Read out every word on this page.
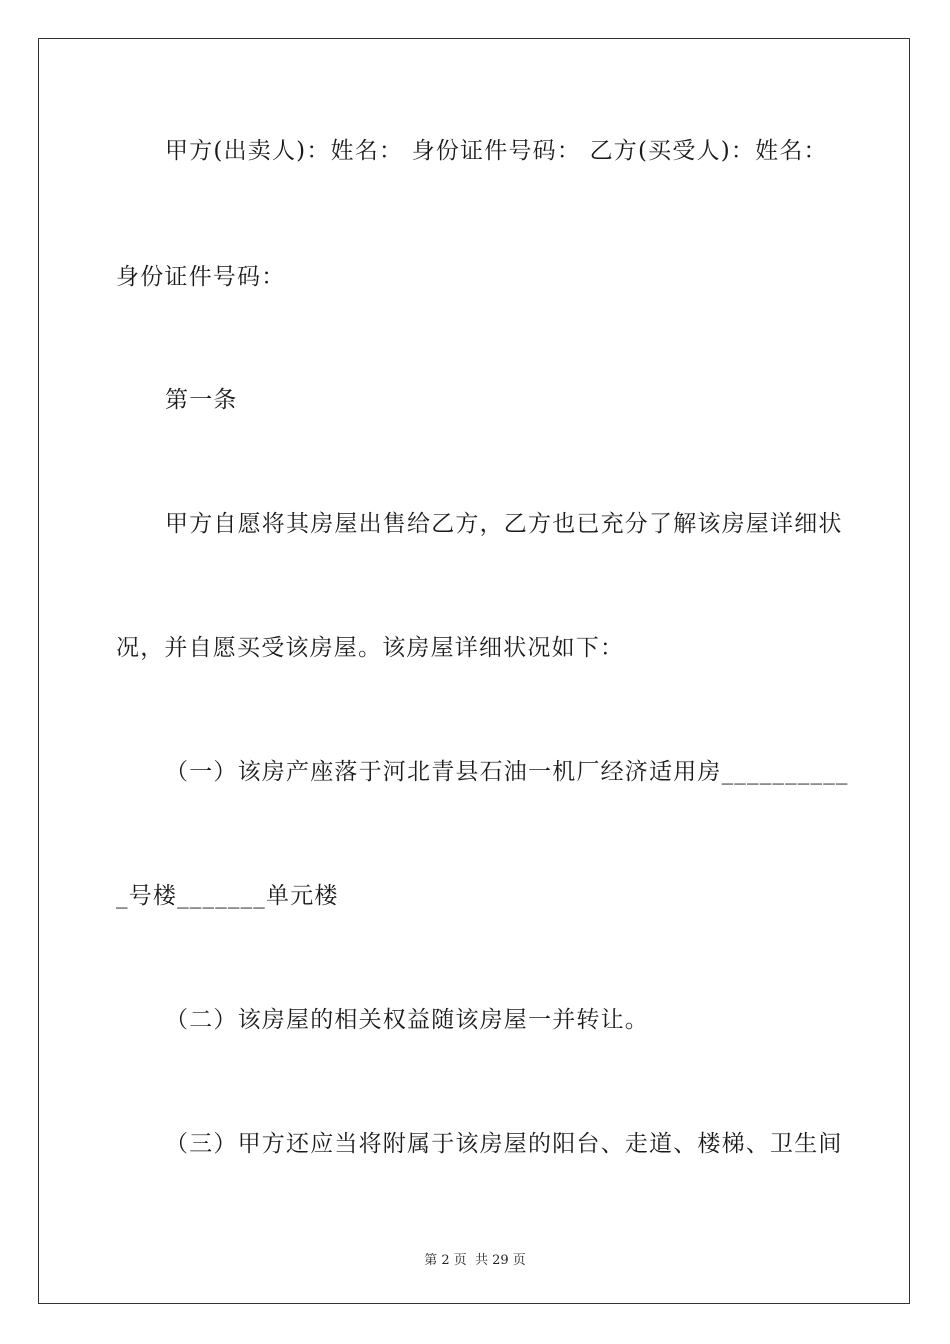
甲方(出卖人)：姓名： 身份证件号码： 乙方(买受人)：姓名：
身份证件号码：
第一条
甲方自愿将其房屋出售给乙方，乙方也已充分了解该房屋详细状
况，并自愿买受该房屋。该房屋详细状况如下：
（一）该房产座落于河北青县石油一机厂经济适用房__________
_号楼_______单元楼
（二）该房屋的相关权益随该房屋一并转让。
（三）甲方还应当将附属于该房屋的阳台、走道、楼梯、卫生间
第 2 页  共 29 页
